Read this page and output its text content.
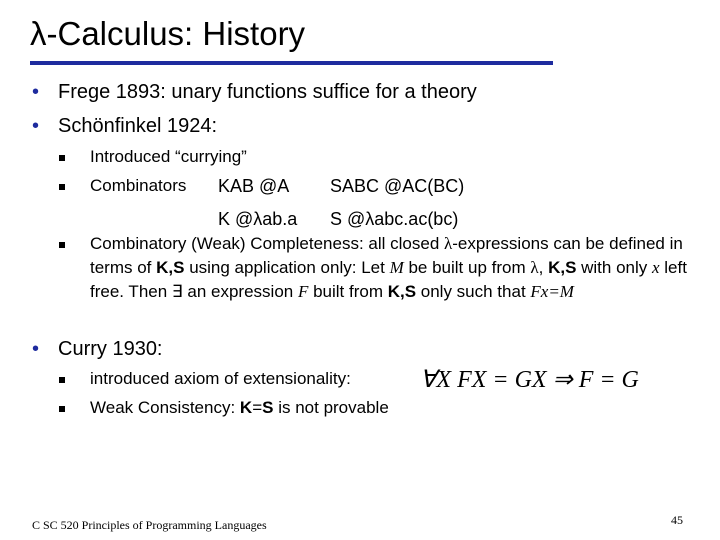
λ-Calculus: History
• Frege 1893: unary functions suffice for a theory
• Schönfinkel 1924:
Introduced “currying”
Combinators KAB @A SABC @AC(BC)
K @λab.a S @λabc.ac(bc)
Combinatory (Weak) Completeness: all closed λ-expressions can be defined in terms of K,S using application only: Let M be built up from λ, K,S with only x left free. Then ∃ an expression F built from K,S only such that Fx=M
• Curry 1930:
introduced axiom of extensionality:	∀X FX = GX ⇒ F = G
Weak Consistency: K=S is not provable
C SC 520 Principles of Programming Languages	45
